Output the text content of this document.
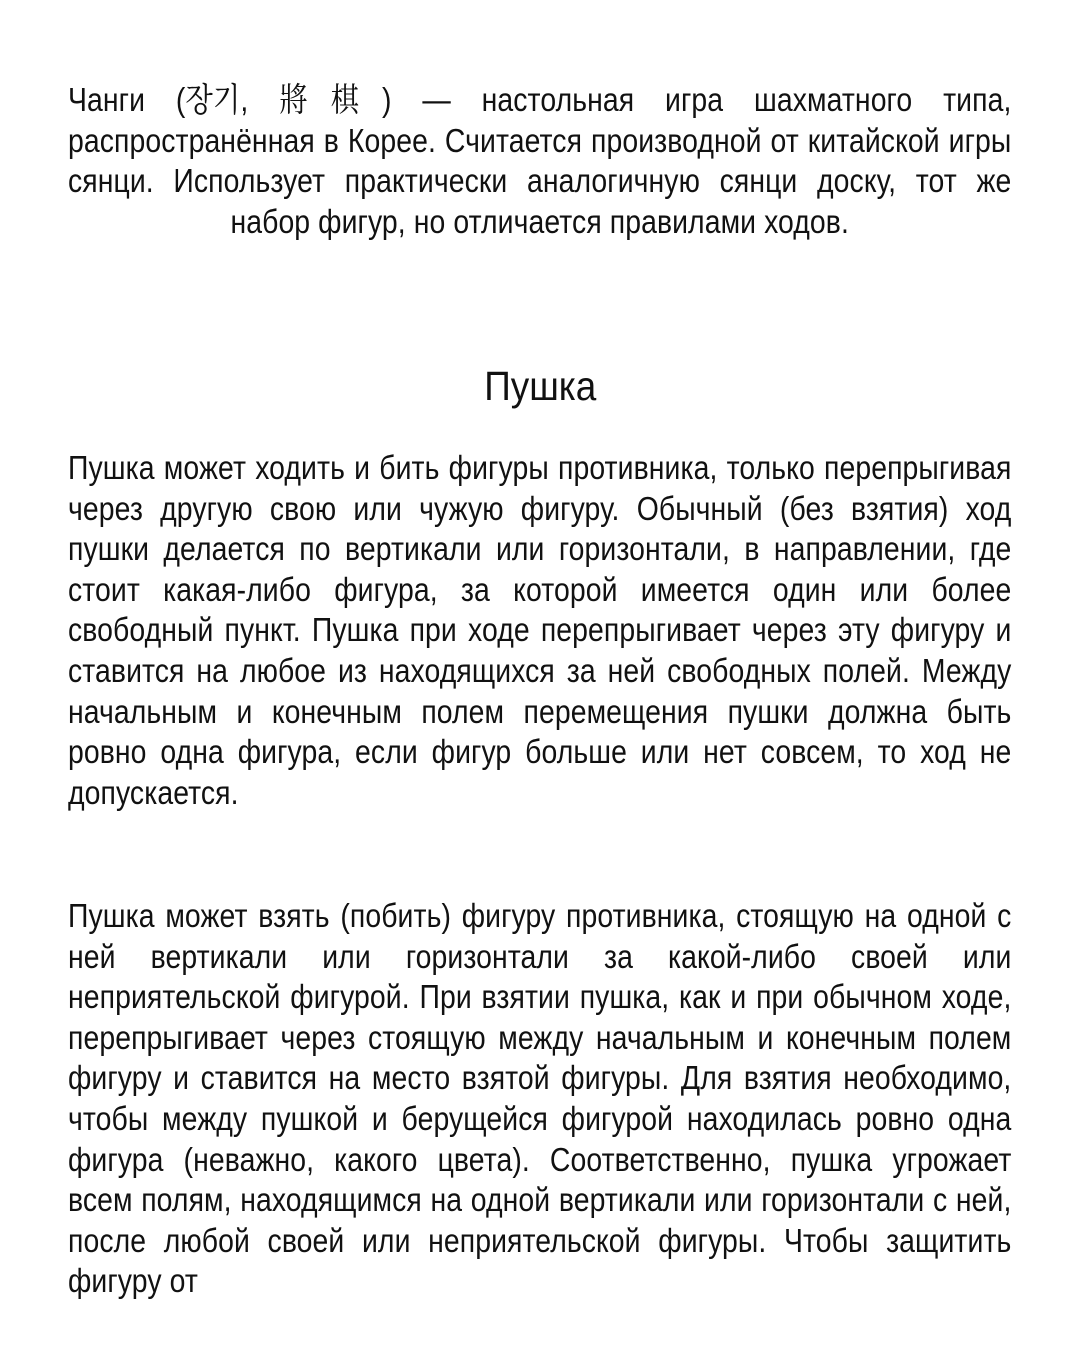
Чанги (장기, 將棋) — настольная игра шахматного типа, распространённая в Корее. Считается производной от китайской игры сянци. Использует практически аналогичную сянци доску, тот же набор фигур, но отличается правилами ходов.

Пушка

Пушка может ходить и бить фигуры противника, только перепрыгивая через другую свою или чужую фигуру. Обычный (без взятия) ход пушки делается по вертикали или горизонтали, в направлении, где стоит какая-либо фигура, за которой имеется один или более свободный пункт. Пушка при ходе перепрыгивает через эту фигуру и ставится на любое из находящихся за ней свободных полей. Между начальным и конечным полем перемещения пушки должна быть ровно одна фигура, если фигур больше или нет совсем, то ход не допускается.

Пушка может взять (побить) фигуру противника, стоящую на одной с ней вертикали или горизонтали за какой-либо своей или неприятельской фигурой. При взятии пушка, как и при обычном ходе, перепрыгивает через стоящую между начальным и конечным полем фигуру и ставится на место взятой фигуры. Для взятия необходимо, чтобы между пушкой и берущейся фигурой находилась ровно одна фигура (неважно, какого цвета). Соответственно, пушка угрожает всем полям, находящимся на одной вертикали или горизонтали с ней, после любой своей или неприятельской фигуры. Чтобы защитить фигуру от
